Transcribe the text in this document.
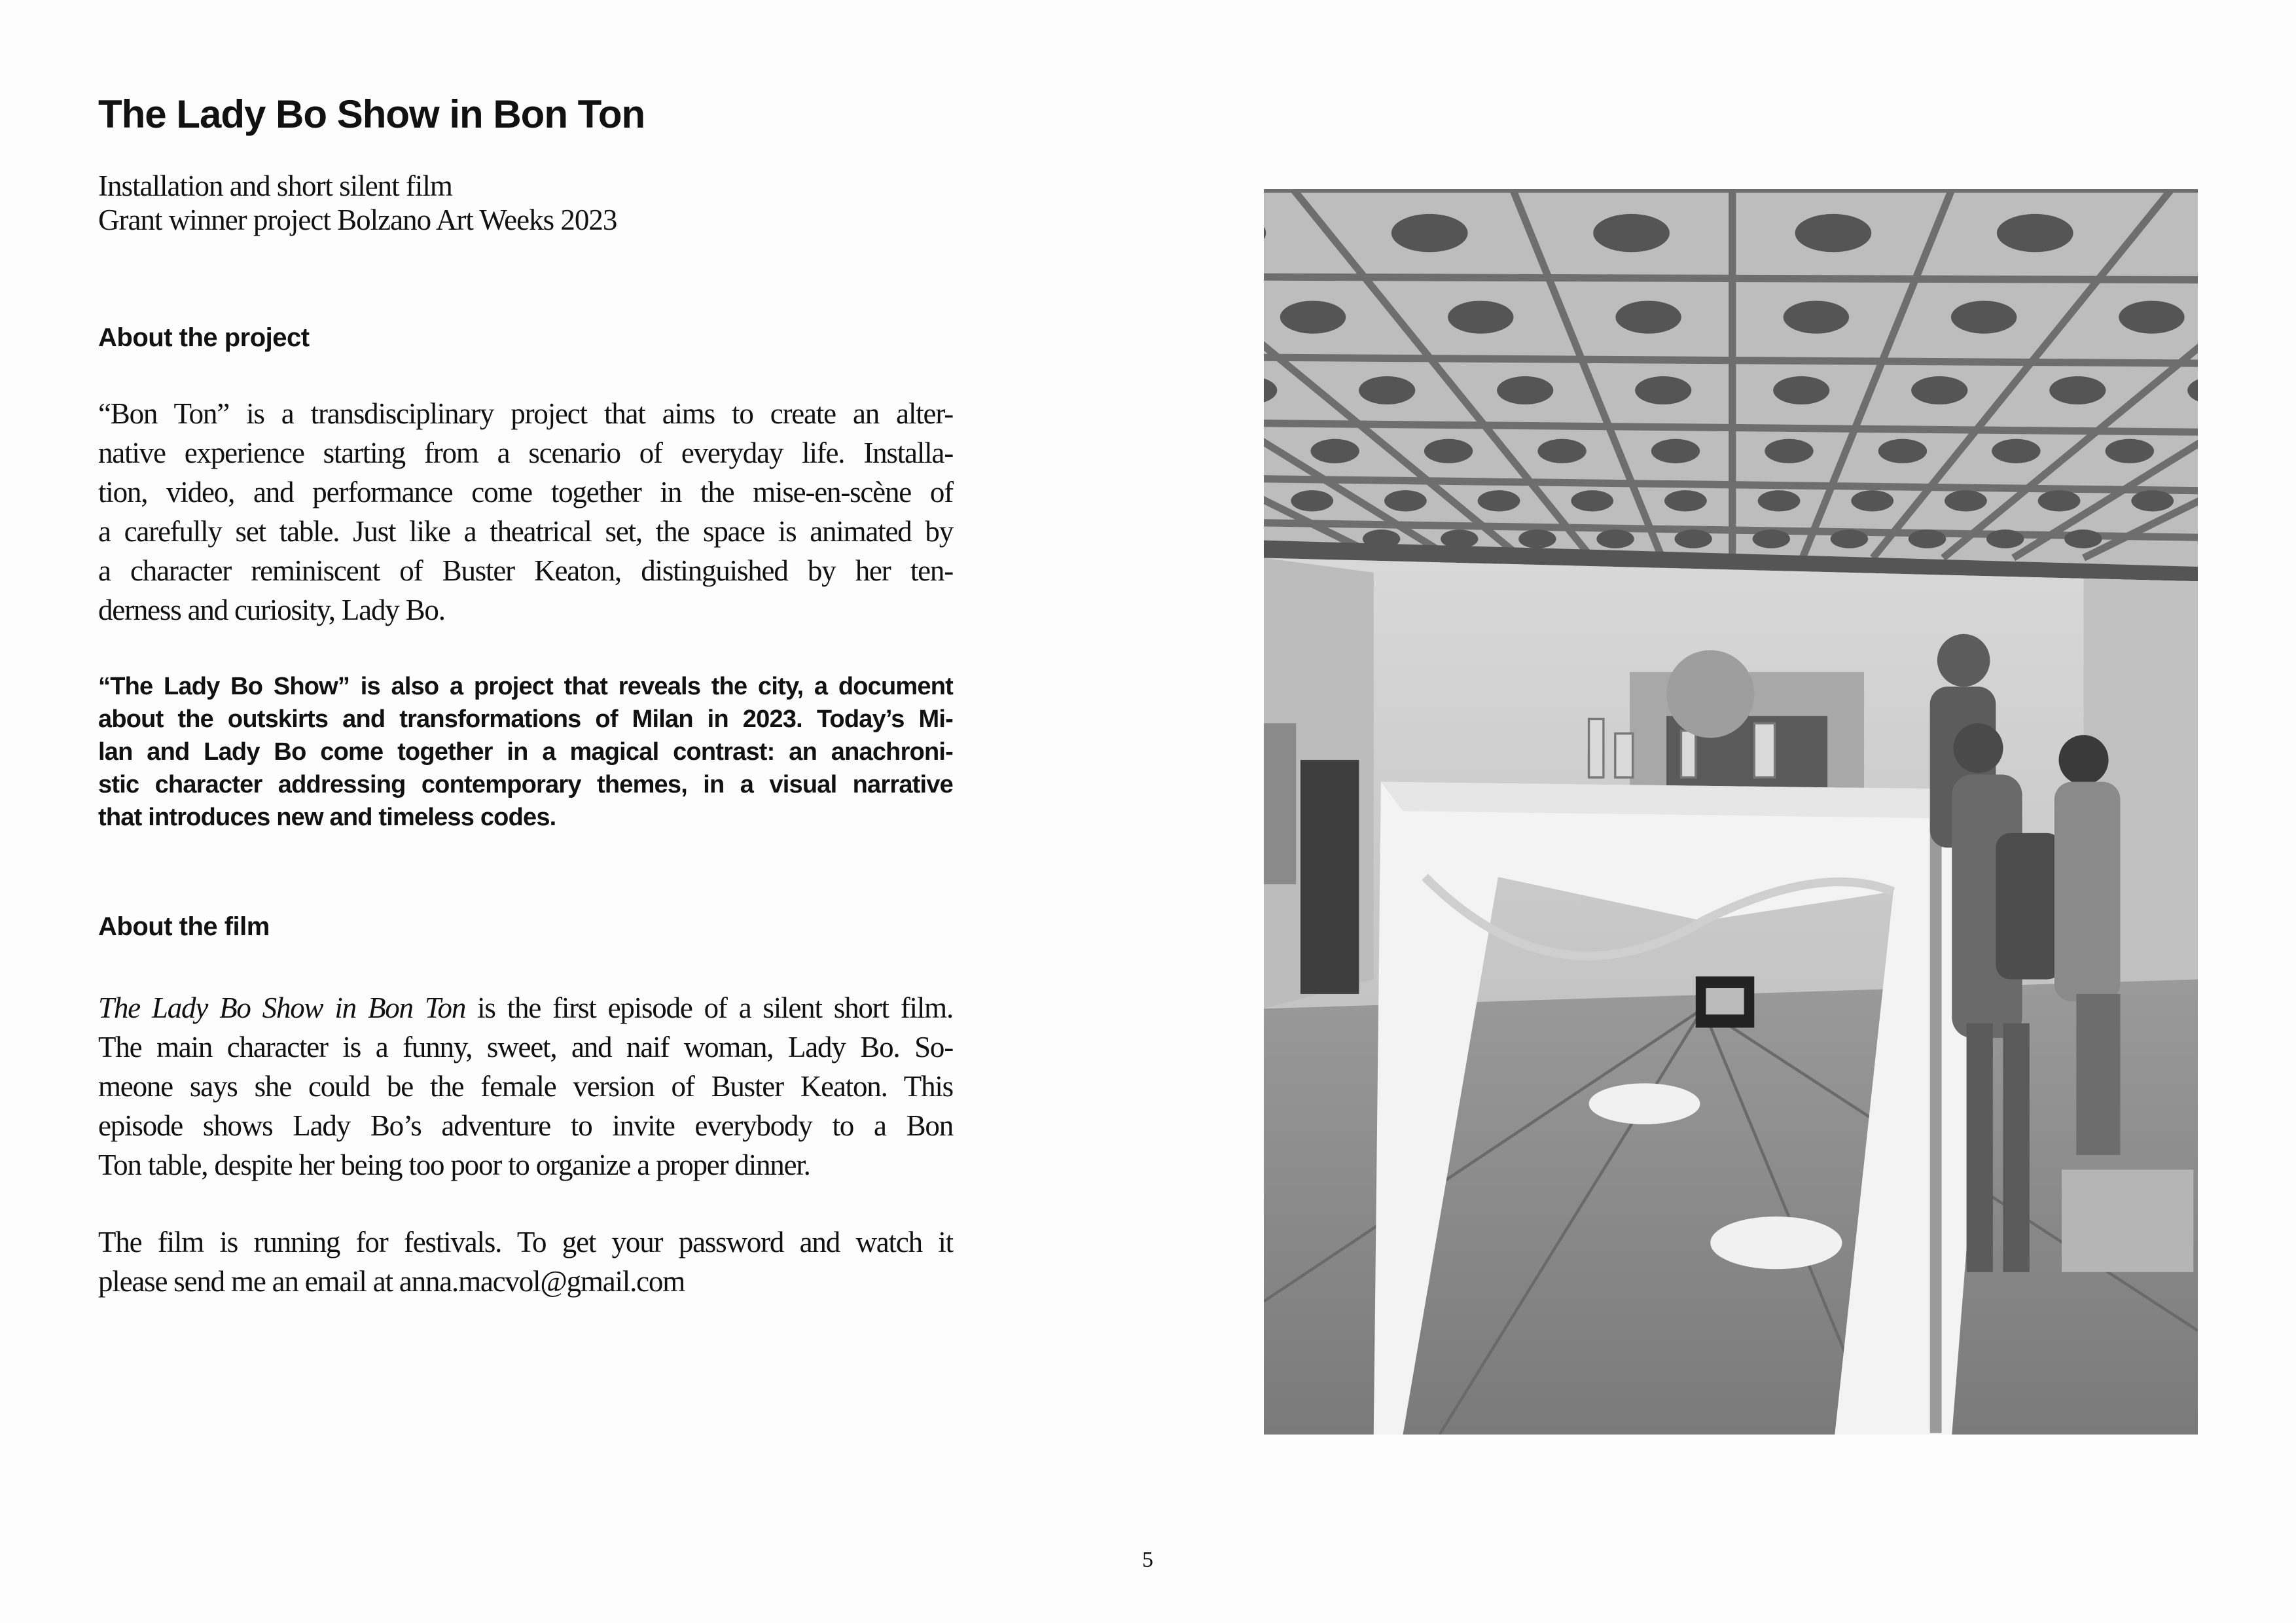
The Lady Bo Show in Bon Ton
Installation and short silent film
Grant winner project Bolzano Art Weeks 2023
About the project
“Bon Ton” is a transdisciplinary project that aims to create an alter-
native experience starting from a scenario of everyday life. Installa-
tion, video, and performance come together in the mise-en-scène of
a carefully set table. Just like a theatrical set, the space is animated by
a character reminiscent of Buster Keaton, distinguished by her ten-
derness and curiosity, Lady Bo.
“The Lady Bo Show” is also a project that reveals the city, a document
about the outskirts and transformations of Milan in 2023. Today’s Mi-
lan and Lady Bo come together in a magical contrast: an anachroni-
stic character addressing contemporary themes, in a visual narrative
that introduces new and timeless codes.
About the film
The Lady Bo Show in Bon Ton is the first episode of a silent short film.
The main character is a funny, sweet, and naif woman, Lady Bo. So-
meone says she could be the female version of Buster Keaton. This
episode shows Lady Bo’s adventure to invite everybody to a Bon
Ton table, despite her being too poor to organize a proper dinner.
The film is running for festivals. To get your password and watch it
please send me an email at anna.macvol@gmail.com
5
